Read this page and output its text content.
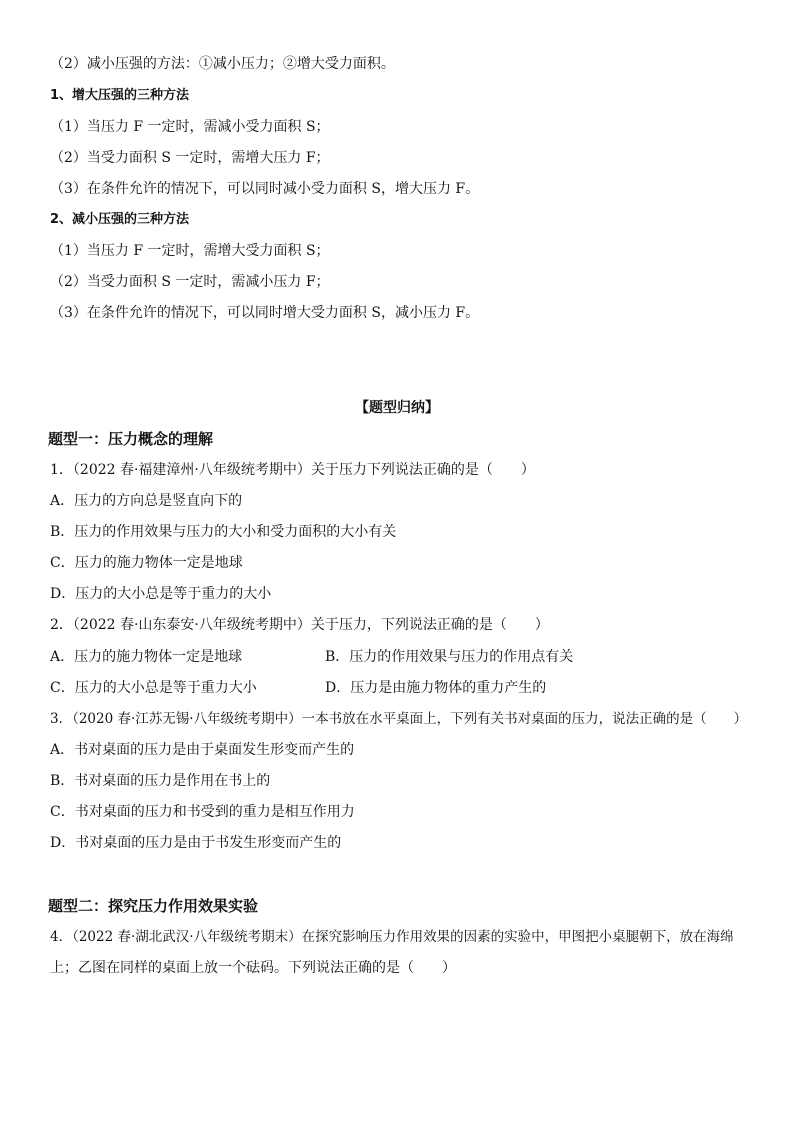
（2）减小压强的方法：①减小压力；②增大受力面积。
1、增大压强的三种方法
（1）当压力 F 一定时，需减小受力面积 S；
（2）当受力面积 S 一定时，需增大压力 F；
（3）在条件允许的情况下，可以同时减小受力面积 S，增大压力 F。
2、减小压强的三种方法
（1）当压力 F 一定时，需增大受力面积 S；
（2）当受力面积 S 一定时，需减小压力 F；
（3）在条件允许的情况下，可以同时增大受力面积 S，减小压力 F。
【题型归纳】
题型一：压力概念的理解
1．（2022 春·福建漳州·八年级统考期中）关于压力下列说法正确的是（　　）
A．压力的方向总是竖直向下的
B．压力的作用效果与压力的大小和受力面积的大小有关
C．压力的施力物体一定是地球
D．压力的大小总是等于重力的大小
2．（2022 春·山东泰安·八年级统考期中）关于压力，下列说法正确的是（　　）
A．压力的施力物体一定是地球	B．压力的作用效果与压力的作用点有关
C．压力的大小总是等于重力大小	D．压力是由施力物体的重力产生的
3．（2020 春·江苏无锡·八年级统考期中）一本书放在水平桌面上，下列有关书对桌面的压力，说法正确的是（　　）
A．书对桌面的压力是由于桌面发生形变而产生的
B．书对桌面的压力是作用在书上的
C．书对桌面的压力和书受到的重力是相互作用力
D．书对桌面的压力是由于书发生形变而产生的
题型二：探究压力作用效果实验
4．（2022 春·湖北武汉·八年级统考期末）在探究影响压力作用效果的因素的实验中，甲图把小桌腿朝下，放在海绵
上；乙图在同样的桌面上放一个砝码。下列说法正确的是（　　）
